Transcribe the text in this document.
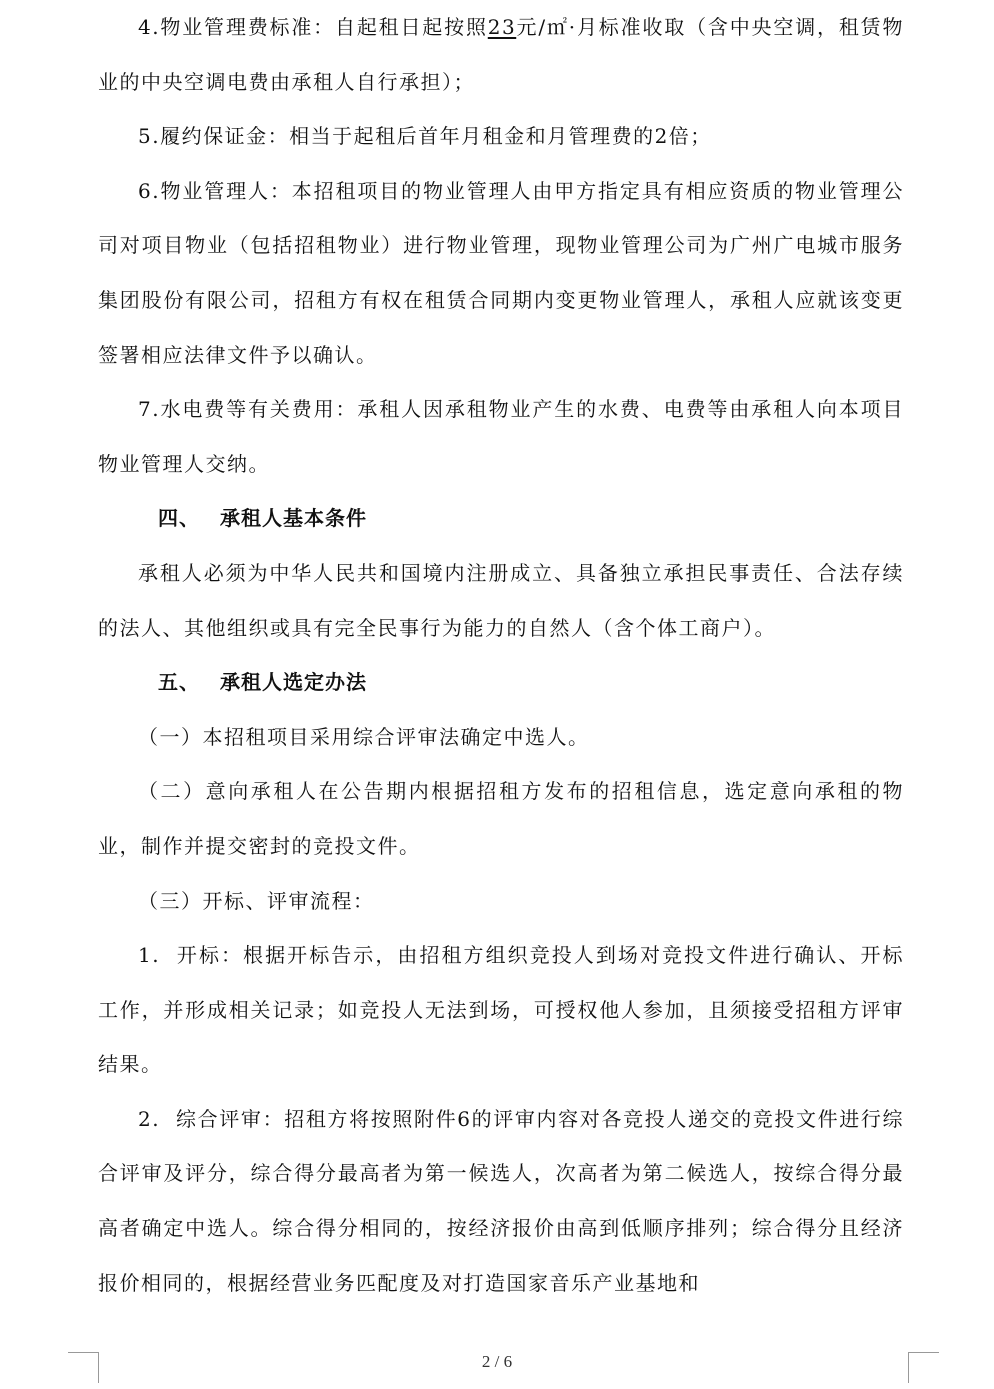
4.物业管理费标准：自起租日起按照23元/㎡·月标准收取（含中央空调，租赁物业的中央空调电费由承租人自行承担）；

5.履约保证金：相当于起租后首年月租金和月管理费的2倍；

6.物业管理人：本招租项目的物业管理人由甲方指定具有相应资质的物业管理公司对项目物业（包括招租物业）进行物业管理，现物业管理公司为广州广电城市服务集团股份有限公司，招租方有权在租赁合同期内变更物业管理人，承租人应就该变更签署相应法律文件予以确认。

7.水电费等有关费用：承租人因承租物业产生的水费、电费等由承租人向本项目物业管理人交纳。

四、 承租人基本条件

承租人必须为中华人民共和国境内注册成立、具备独立承担民事责任、合法存续的法人、其他组织或具有完全民事行为能力的自然人（含个体工商户）。

五、 承租人选定办法

（一）本招租项目采用综合评审法确定中选人。

（二）意向承租人在公告期内根据招租方发布的招租信息，选定意向承租的物业，制作并提交密封的竞投文件。

（三）开标、评审流程：

1.  开标：根据开标告示，由招租方组织竞投人到场对竞投文件进行确认、开标工作，并形成相关记录；如竞投人无法到场，可授权他人参加，且须接受招租方评审结果。

2.  综合评审：招租方将按照附件6的评审内容对各竞投人递交的竞投文件进行综合评审及评分，综合得分最高者为第一候选人，次高者为第二候选人，按综合得分最高者确定中选人。综合得分相同的，按经济报价由高到低顺序排列；综合得分且经济报价相同的，根据经营业务匹配度及对打造国家音乐产业基地和

2 / 6
